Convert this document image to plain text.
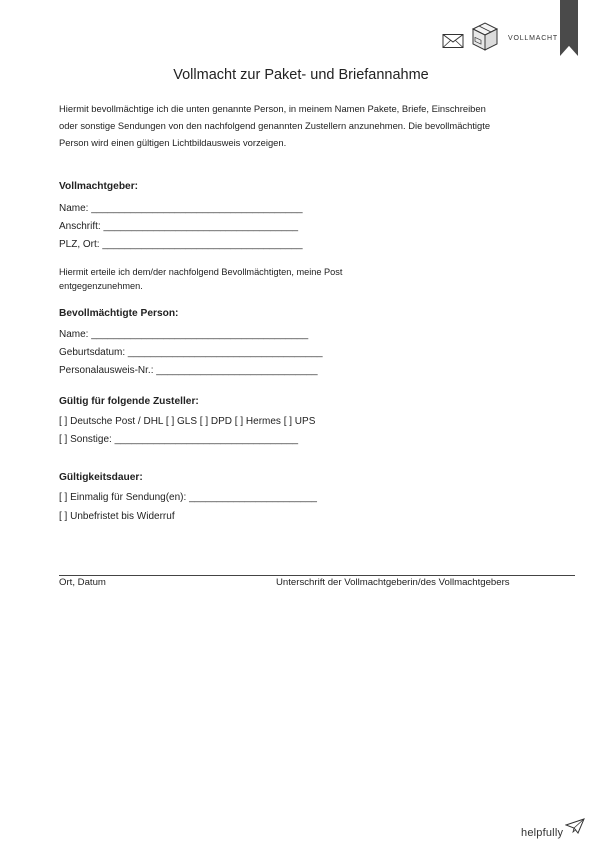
VOLLMACHT
Vollmacht zur Paket- und Briefannahme
Hiermit bevollmächtige ich die unten genannte Person, in meinem Namen Pakete, Briefe, Einschreiben
oder sonstige Sendungen von den nachfolgend genannten Zustellern anzunehmen. Die bevollmächtigte
Person wird einen gültigen Lichtbildausweis vorzeigen.
Vollmachtgeber:
Name: ______________________________________
Anschrift: ___________________________________
PLZ, Ort: ____________________________________
Hiermit erteile ich dem/der nachfolgend Bevollmächtigten, meine Post
entgegenzunehmen.
Bevollmächtigte Person:
Name: _______________________________________
Geburtsdatum: ___________________________________
Personalausweis-Nr.: _____________________________
Gültig für folgende Zusteller:
[ ] Deutsche Post / DHL [ ] GLS [ ] DPD [ ] Hermes [ ] UPS
[ ] Sonstige: _________________________________
Gültigkeitsdauer:
[ ] Einmalig für Sendung(en): _______________________
[ ] Unbefristet bis Widerruf
Ort, Datum	Unterschrift der Vollmachtgeberin/des Vollmachtgebers
helpfully
